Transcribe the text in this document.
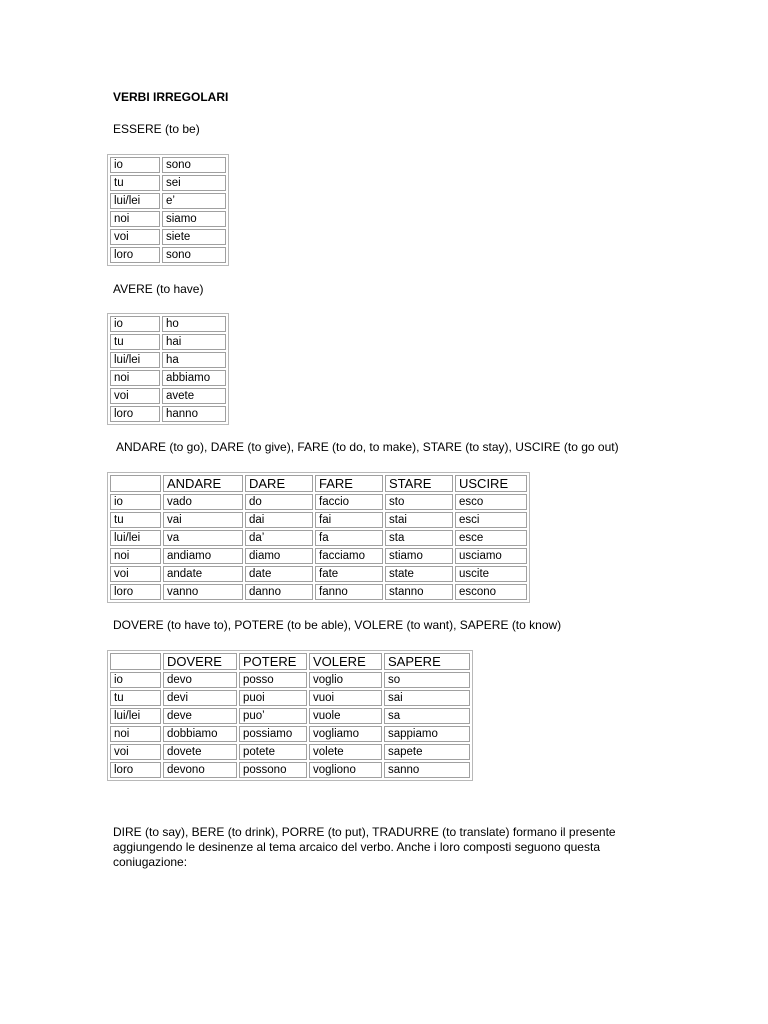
VERBI IRREGOLARI
ESSERE (to be)
io	sono
tu	sei
lui/lei	e’
noi	siamo
voi	siete
loro	sono
AVERE (to have)
io	ho
tu	hai
lui/lei	ha
noi	abbiamo
voi	avete
loro	hanno
ANDARE (to go), DARE (to give), FARE (to do, to make), STARE (to stay), USCIRE (to go out)
	ANDARE	DARE	FARE	STARE	USCIRE
io	vado	do	faccio	sto	esco
tu	vai	dai	fai	stai	esci
lui/lei	va	da’	fa	sta	esce
noi	andiamo	diamo	facciamo	stiamo	usciamo
voi	andate	date	fate	state	uscite
loro	vanno	danno	fanno	stanno	escono
DOVERE (to have to), POTERE (to be able), VOLERE (to want), SAPERE (to know)
	DOVERE	POTERE	VOLERE	SAPERE
io	devo	posso	voglio	so
tu	devi	puoi	vuoi	sai
lui/lei	deve	puo’	vuole	sa
noi	dobbiamo	possiamo	vogliamo	sappiamo
voi	dovete	potete	volete	sapete
loro	devono	possono	vogliono	sanno
DIRE (to say), BERE (to drink), PORRE (to put), TRADURRE (to translate) formano il presente aggiungendo le desinenze al tema arcaico del verbo. Anche i loro composti seguono questa coniugazione:
